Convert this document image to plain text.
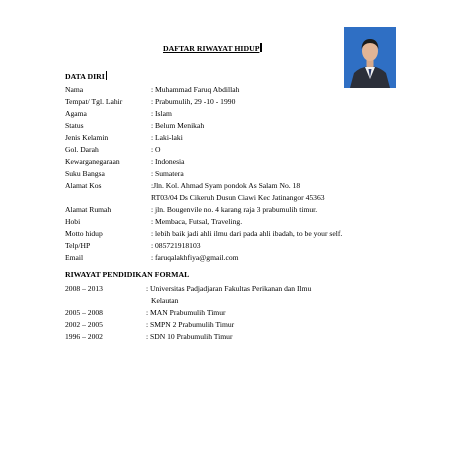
DAFTAR RIWAYAT HIDUP
DATA DIRI
Nama	: Muhammad Faruq Abdillah
Tempat/ Tgl. Lahir	: Prabumulih, 29 -10 - 1990
Agama	: Islam
Status	: Belum Menikah
Jenis Kelamin	: Laki-laki
Gol. Darah	: O
Kewarganegaraan	: Indonesia
Suku Bangsa	: Sumatera
Alamat Kos	:Jln. Kol. Ahmad Syam pondok As Salam No. 18
RT03/04 Ds Cikeruh Dusun Ciawi Kec Jatinangor 45363
Alamat Rumah	: jln. Bougenvile no. 4 karang raja 3 prabumulih timur.
Hobi	: Membaca, Futsal, Traveling.
Motto hidup	: lebih baik jadi ahli ilmu dari pada ahli ibadah, to be your self.
Telp/HP	: 085721918103
Email	: faruqalakhfiya@gmail.com
RIWAYAT PENDIDIKAN FORMAL
2008 – 2013	: Universitas Padjadjaran Fakultas Perikanan dan Ilmu
Kelautan
2005 – 2008	: MAN Prabumulih Timur
2002 – 2005	: SMPN 2 Prabumulih Timur
1996 – 2002	: SDN 10 Prabumulih Timur
